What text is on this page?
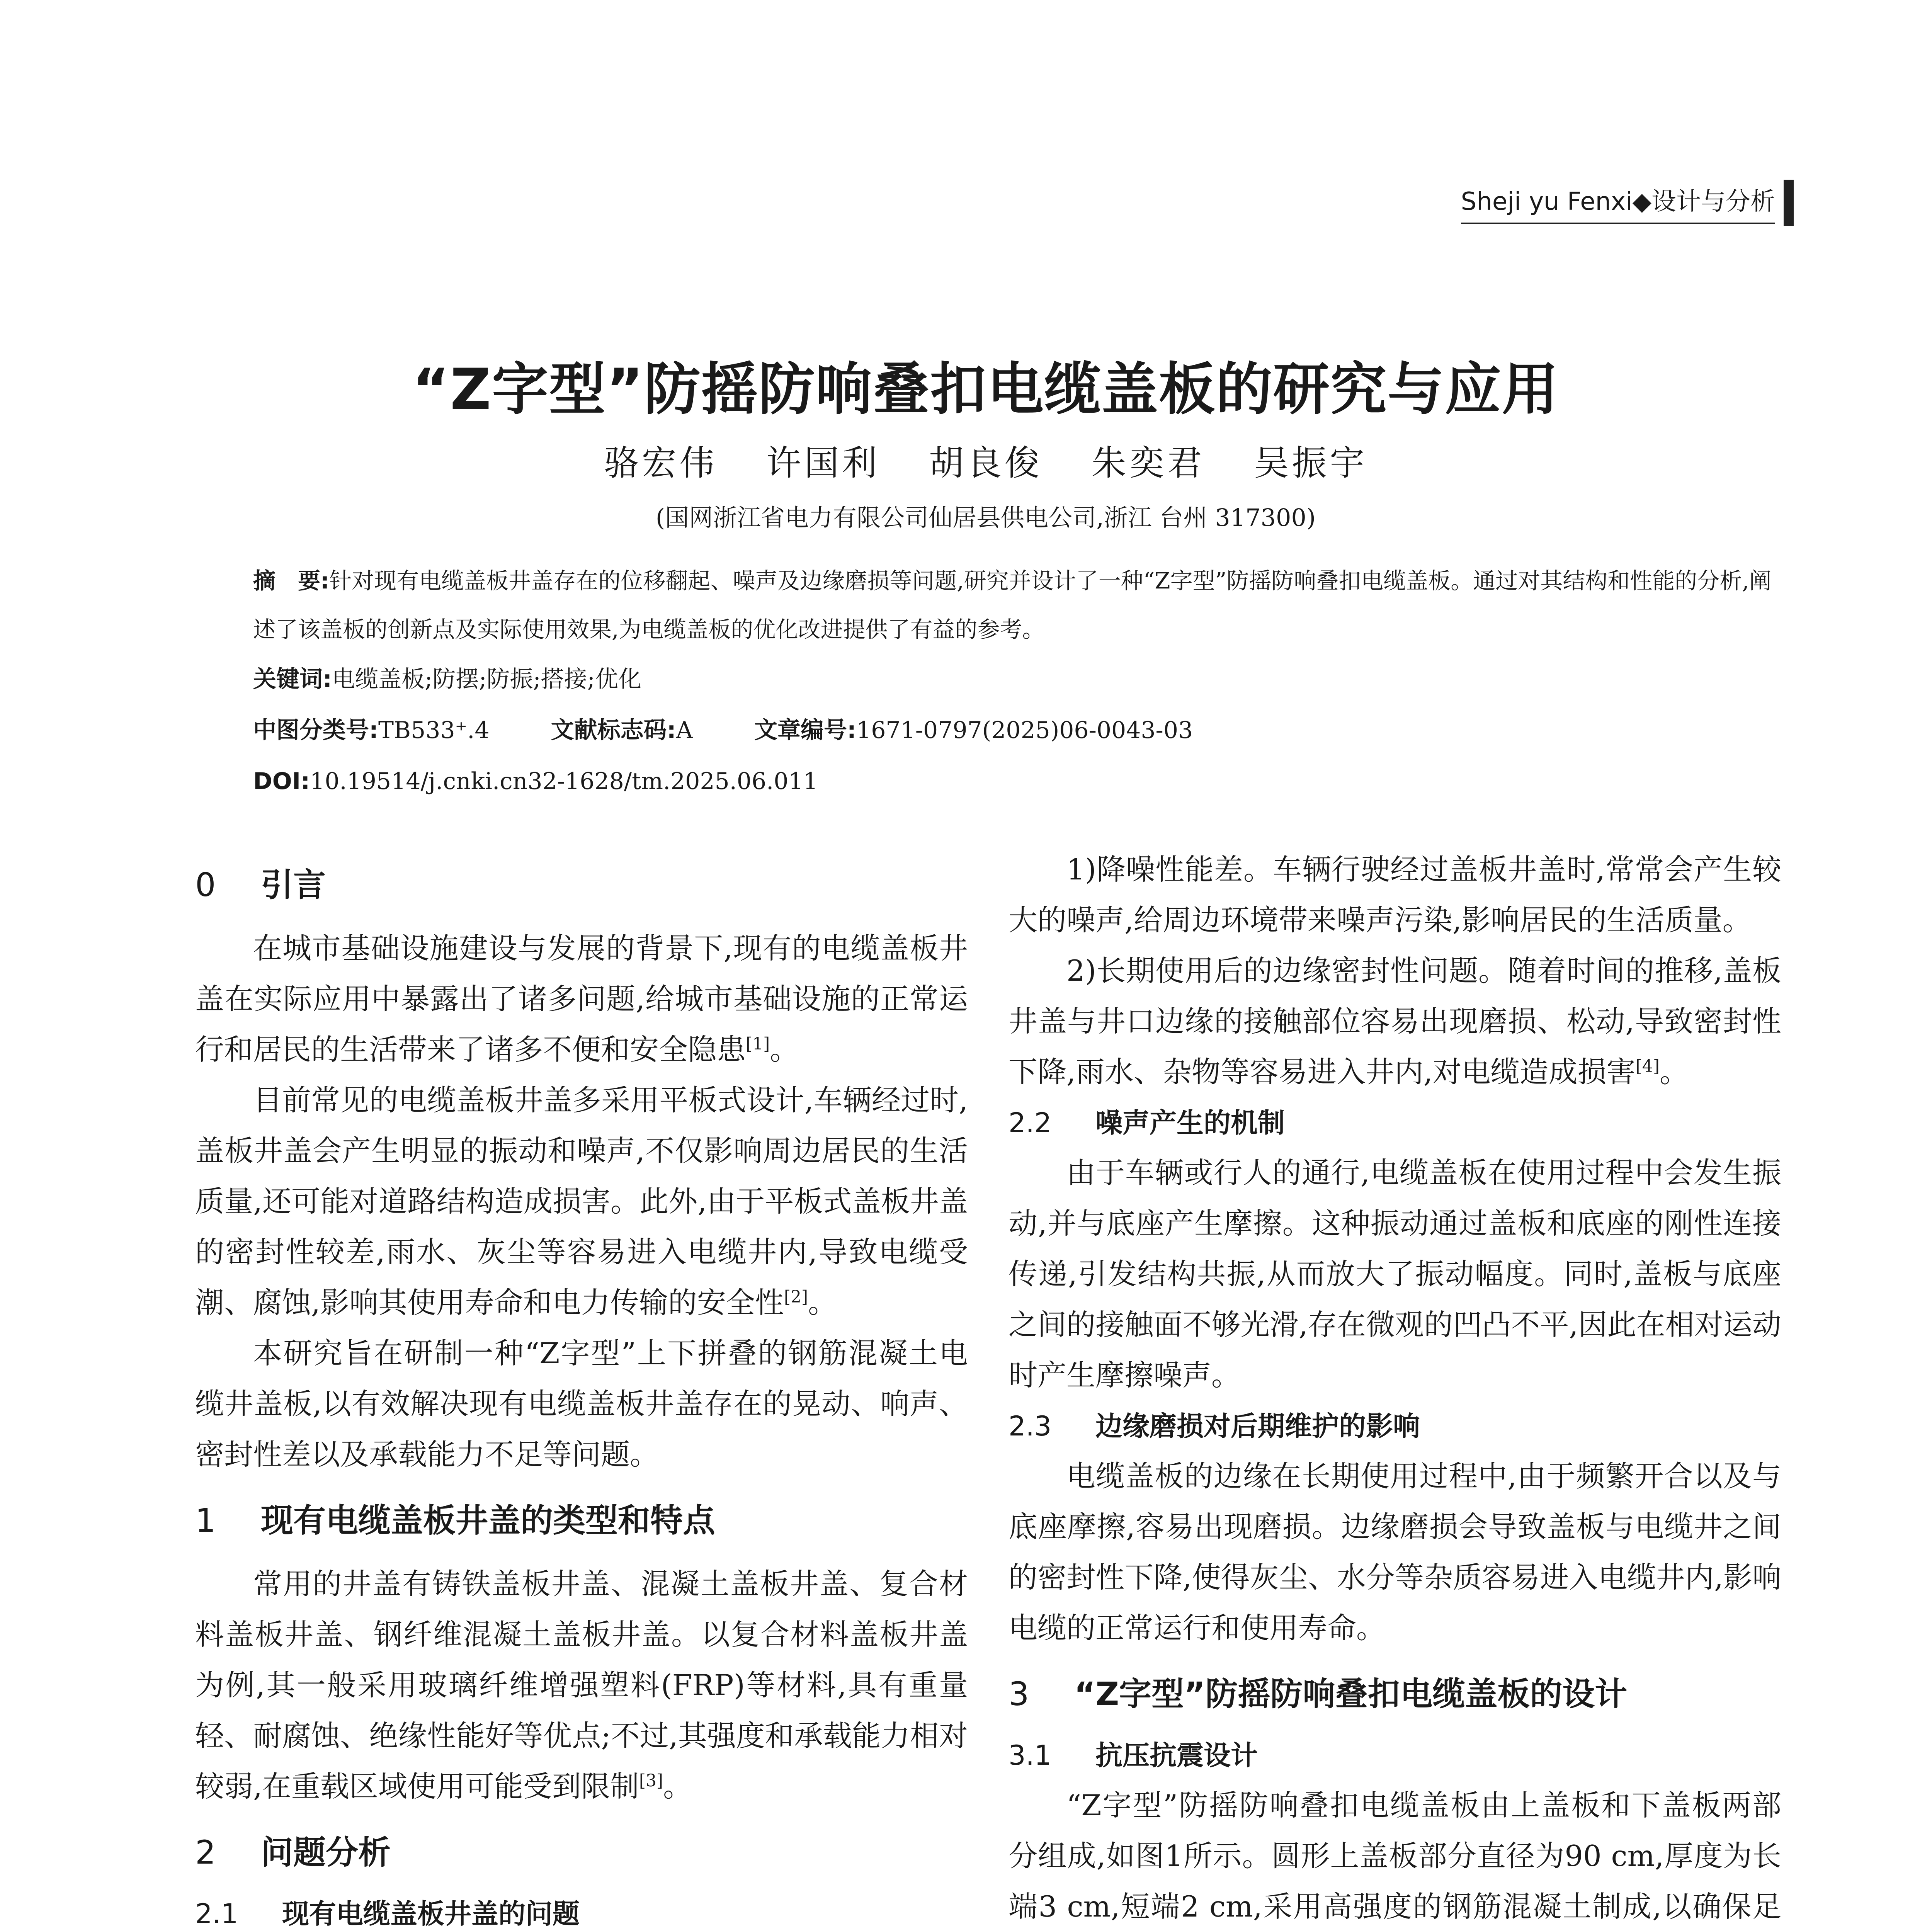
Sheji yu Fenxi◆设计与分析
“Z字型”防摇防响叠扣电缆盖板的研究与应用
骆宏伟 许国利 胡良俊 朱奕君 吴振宇
(国网浙江省电力有限公司仙居县供电公司,浙江 台州 317300)
摘　要:针对现有电缆盖板井盖存在的位移翻起、噪声及边缘磨损等问题,研究并设计了一种“Z字型”防摇防响叠扣电缆盖板。通过对其结构和性能的分析,阐述了该盖板的创新点及实际使用效果,为电缆盖板的优化改进提供了有益的参考。
关键词:电缆盖板;防摆;防振;搭接;优化
中图分类号:TB533⁺.4	文献标志码:A	文章编号:1671-0797(2025)06-0043-03
DOI:10.19514/j.cnki.cn32-1628/tm.2025.06.011
0 引言

在城市基础设施建设与发展的背景下,现有的电缆盖板井盖在实际应用中暴露出了诸多问题,给城市基础设施的正常运行和居民的生活带来了诸多不便和安全隐患[1]。

目前常见的电缆盖板井盖多采用平板式设计,车辆经过时,盖板井盖会产生明显的振动和噪声,不仅影响周边居民的生活质量,还可能对道路结构造成损害。此外,由于平板式盖板井盖的密封性较差,雨水、灰尘等容易进入电缆井内,导致电缆受潮、腐蚀,影响其使用寿命和电力传输的安全性[2]。

本研究旨在研制一种“Z字型”上下拼叠的钢筋混凝土电缆井盖板,以有效解决现有电缆盖板井盖存在的晃动、响声、密封性差以及承载能力不足等问题。

1 现有电缆盖板井盖的类型和特点

常用的井盖有铸铁盖板井盖、混凝土盖板井盖、复合材料盖板井盖、钢纤维混凝土盖板井盖。以复合材料盖板井盖为例,其一般采用玻璃纤维增强塑料(FRP)等材料,具有重量轻、耐腐蚀、绝缘性能好等优点;不过,其强度和承载能力相对较弱,在重载区域使用可能受到限制[3]。

2 问题分析
2.1 现有电缆盖板井盖的问题

1)降噪性能差。车辆行驶经过盖板井盖时,常常会产生较大的噪声,给周边环境带来噪声污染,影响居民的生活质量。

2)长期使用后的边缘密封性问题。随着时间的推移,盖板井盖与井口边缘的接触部位容易出现磨损、松动,导致密封性下降,雨水、杂物等容易进入井内,对电缆造成损害[4]。

2.2 噪声产生的机制

由于车辆或行人的通行,电缆盖板在使用过程中会发生振动,并与底座产生摩擦。这种振动通过盖板和底座的刚性连接传递,引发结构共振,从而放大了振动幅度。同时,盖板与底座之间的接触面不够光滑,存在微观的凹凸不平,因此在相对运动时产生摩擦噪声。

2.3 边缘磨损对后期维护的影响

电缆盖板的边缘在长期使用过程中,由于频繁开合以及与底座摩擦,容易出现磨损。边缘磨损会导致盖板与电缆井之间的密封性下降,使得灰尘、水分等杂质容易进入电缆井内,影响电缆的正常运行和使用寿命。

3 “Z字型”防摇防响叠扣电缆盖板的设计
3.1 抗压抗震设计

“Z字型”防摇防响叠扣电缆盖板由上盖板和下盖板两部分组成,如图1所示。圆形上盖板部分直径为90 cm,厚度为长端3 cm,短端2 cm,采用高强度的钢筋混凝土制成,以确保足
